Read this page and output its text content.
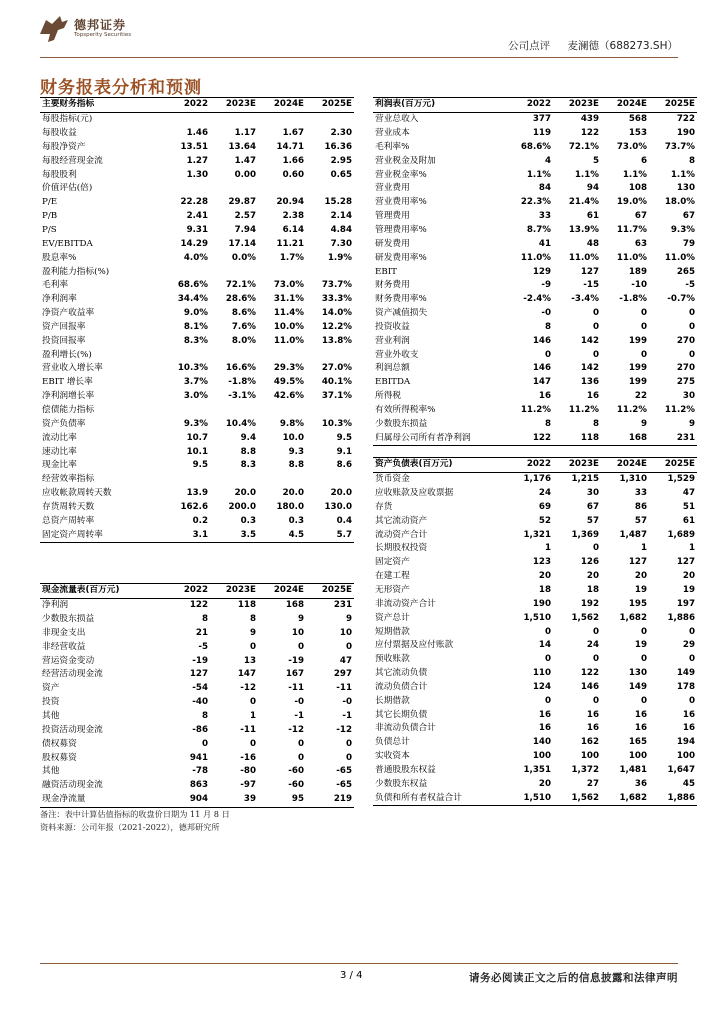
德邦证券
Topsperity Securities
公司点评 麦澜德（688273.SH）
财务报表分析和预测
主要财务指标	2022	2023E	2024E	2025E
每股指标(元)				
每股收益	1.46	1.17	1.67	2.30
每股净资产	13.51	13.64	14.71	16.36
每股经营现金流	1.27	1.47	1.66	2.95
每股股利	1.30	0.00	0.60	0.65
价值评估(倍)				
P/E	22.28	29.87	20.94	15.28
P/B	2.41	2.57	2.38	2.14
P/S	9.31	7.94	6.14	4.84
EV/EBITDA	14.29	17.14	11.21	7.30
股息率%	4.0%	0.0%	1.7%	1.9%
盈利能力指标(%)				
毛利率	68.6%	72.1%	73.0%	73.7%
净利润率	34.4%	28.6%	31.1%	33.3%
净资产收益率	9.0%	8.6%	11.4%	14.0%
资产回报率	8.1%	7.6%	10.0%	12.2%
投资回报率	8.3%	8.0%	11.0%	13.8%
盈利增长(%)				
营业收入增长率	10.3%	16.6%	29.3%	27.0%
EBIT 增长率	3.7%	-1.8%	49.5%	40.1%
净利润增长率	3.0%	-3.1%	42.6%	37.1%
偿债能力指标				
资产负债率	9.3%	10.4%	9.8%	10.3%
流动比率	10.7	9.4	10.0	9.5
速动比率	10.1	8.8	9.3	9.1
现金比率	9.5	8.3	8.8	8.6
经营效率指标				
应收帐款周转天数	13.9	20.0	20.0	20.0
存货周转天数	162.6	200.0	180.0	130.0
总资产周转率	0.2	0.3	0.3	0.4
固定资产周转率	3.1	3.5	4.5	5.7
利润表(百万元)	2022	2023E	2024E	2025E
营业总收入	377	439	568	722
营业成本	119	122	153	190
毛利率%	68.6%	72.1%	73.0%	73.7%
营业税金及附加	4	5	6	8
营业税金率%	1.1%	1.1%	1.1%	1.1%
营业费用	84	94	108	130
营业费用率%	22.3%	21.4%	19.0%	18.0%
管理费用	33	61	67	67
管理费用率%	8.7%	13.9%	11.7%	9.3%
研发费用	41	48	63	79
研发费用率%	11.0%	11.0%	11.0%	11.0%
EBIT	129	127	189	265
财务费用	-9	-15	-10	-5
财务费用率%	-2.4%	-3.4%	-1.8%	-0.7%
资产减值损失	-0	0	0	0
投资收益	8	0	0	0
营业利润	146	142	199	270
营业外收支	0	0	0	0
利润总额	146	142	199	270
EBITDA	147	136	199	275
所得税	16	16	22	30
有效所得税率%	11.2%	11.2%	11.2%	11.2%
少数股东损益	8	8	9	9
归属母公司所有者净利润	122	118	168	231
资产负债表(百万元)	2022	2023E	2024E	2025E
货币资金	1,176	1,215	1,310	1,529
应收账款及应收票据	24	30	33	47
存货	69	67	86	51
其它流动资产	52	57	57	61
流动资产合计	1,321	1,369	1,487	1,689
长期股权投资	1	0	1	1
固定资产	123	126	127	127
在建工程	20	20	20	20
无形资产	18	18	19	19
非流动资产合计	190	192	195	197
资产总计	1,510	1,562	1,682	1,886
短期借款	0	0	0	0
应付票据及应付账款	14	24	19	29
预收账款	0	0	0	0
其它流动负债	110	122	130	149
流动负债合计	124	146	149	178
长期借款	0	0	0	0
其它长期负债	16	16	16	16
非流动负债合计	16	16	16	16
负债总计	140	162	165	194
实收资本	100	100	100	100
普通股股东权益	1,351	1,372	1,481	1,647
少数股东权益	20	27	36	45
负债和所有者权益合计	1,510	1,562	1,682	1,886
现金流量表(百万元)	2022	2023E	2024E	2025E
净利润	122	118	168	231
少数股东损益	8	8	9	9
非现金支出	21	9	10	10
非经营收益	-5	0	0	0
营运资金变动	-19	13	-19	47
经营活动现金流	127	147	167	297
资产	-54	-12	-11	-11
投资	-40	0	-0	-0
其他	8	1	-1	-1
投资活动现金流	-86	-11	-12	-12
债权募资	0	0	0	0
股权募资	941	-16	0	0
其他	-78	-80	-60	-65
融资活动现金流	863	-97	-60	-65
现金净流量	904	39	95	219
备注：表中计算估值指标的收盘价日期为 11 月 8 日
资料来源：公司年报（2021-2022），德邦研究所
3 / 4	请务必阅读正文之后的信息披露和法律声明
